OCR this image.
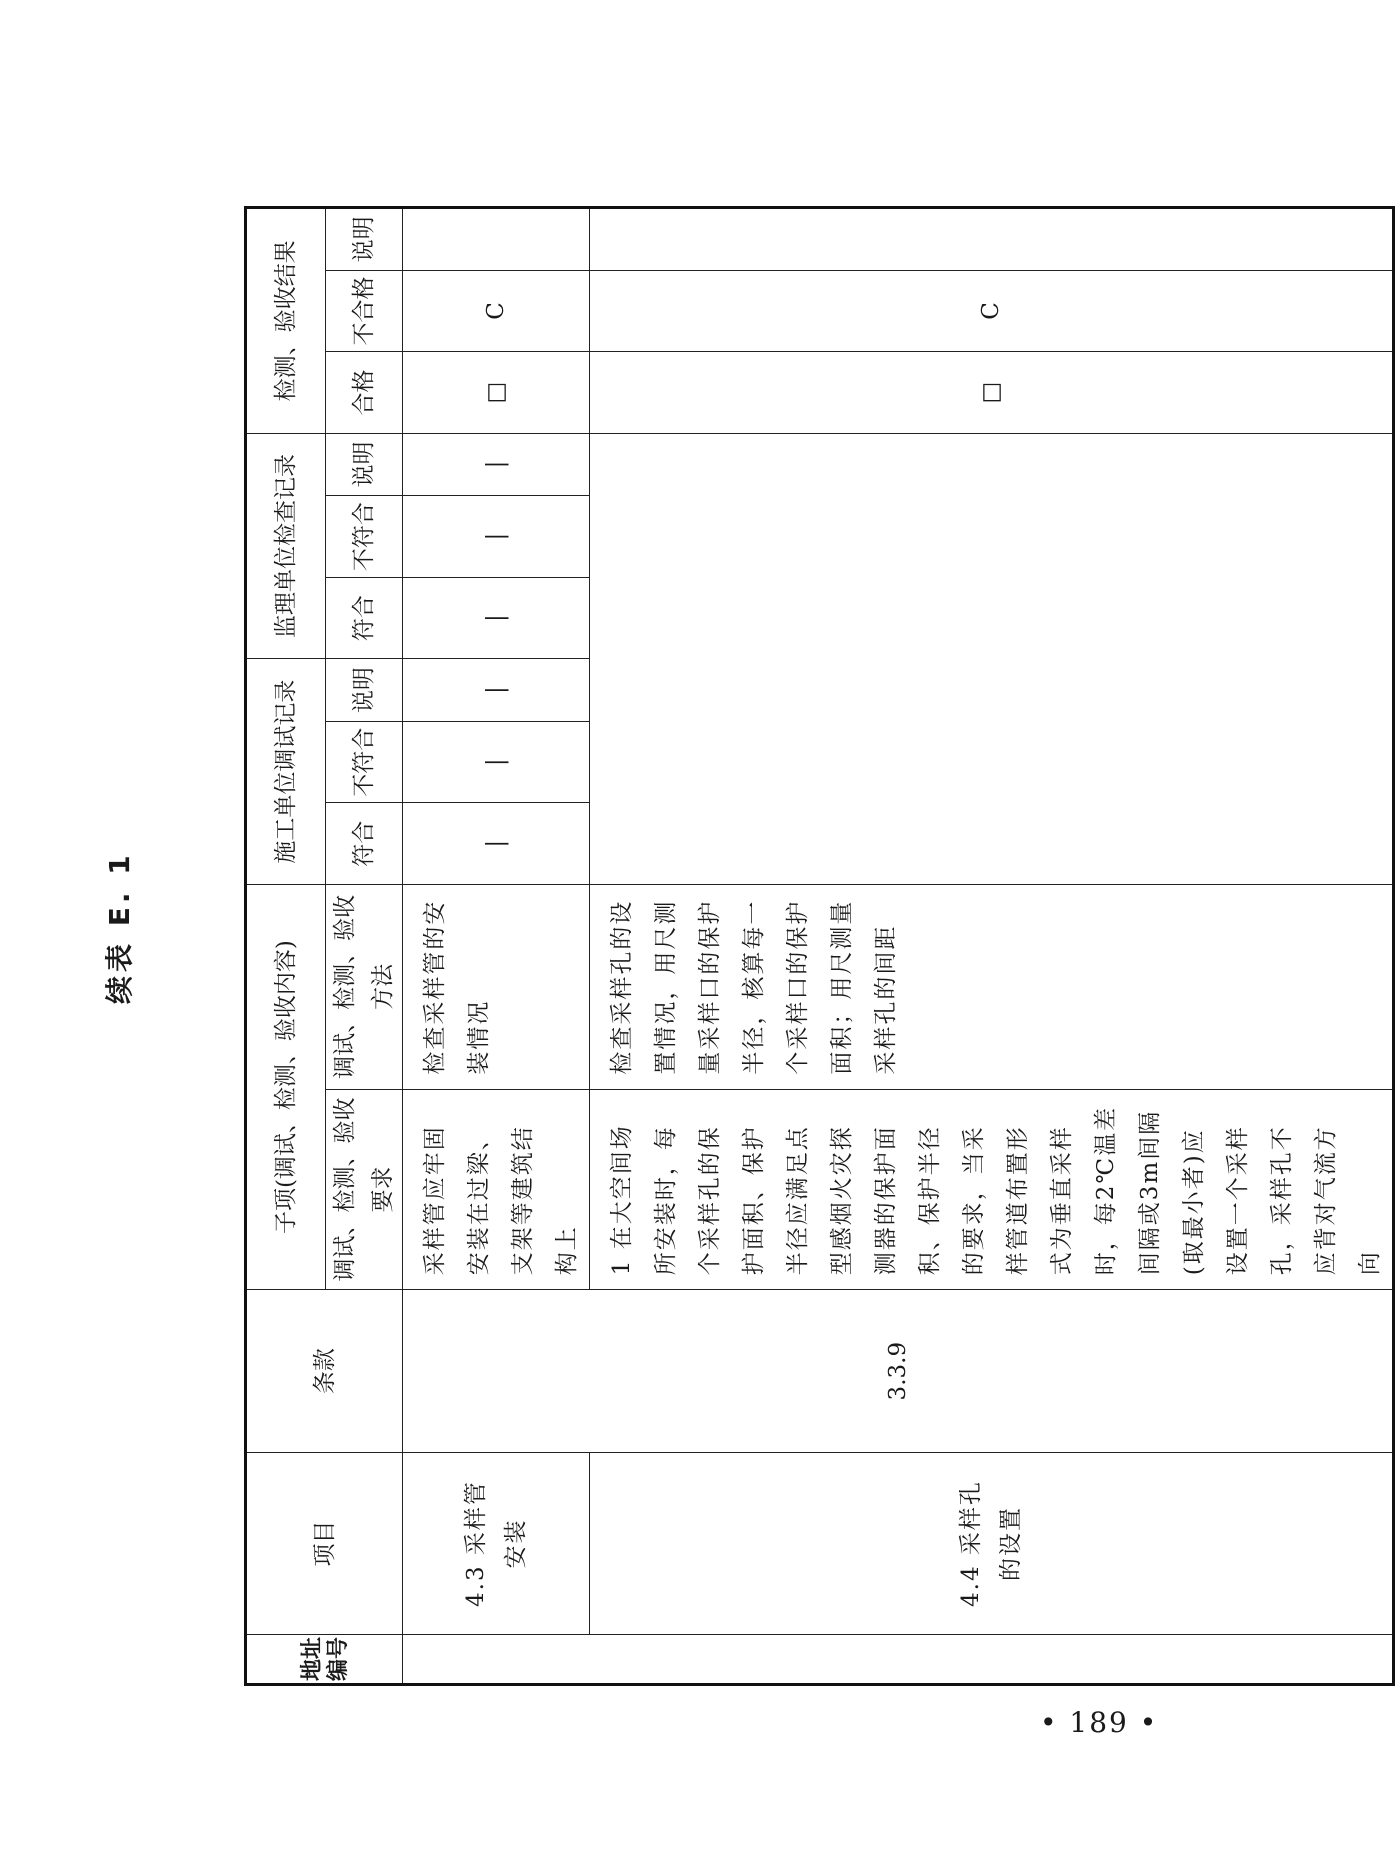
续表 E. 1
地址编号	项目	条款	子项(调试、检测、验收内容)		施工单位调试记录			监理单位检查记录			检测、验收结果		
			调试、检测、验收要求	调试、检测、验收方法	符合	不符合	说明	符合	不符合	说明	合格	不合格	说明
	4.3 采样管安装	3.3.9	采样管应牢固安装在过梁、支架等建筑结构上	检查采样管的安装情况	|	|	|	|	|	|	□	C	
	4.4 采样孔的设置		1 在大空间场所安装时，每个采样孔的保护面积、保护半径应满足点型感烟火灾探测器的保护面积、保护半径的要求，当采样管道布置形式为垂直采样时，每2℃温差间隔或3m间隔(取最小者)应设置一个采样孔，采样孔不应背对气流方向	检查采样孔的设置情况，用尺测量采样口的保护半径，核算每一个采样口的保护面积；用尺测量采样孔的间距							□	C	
• 189 •
